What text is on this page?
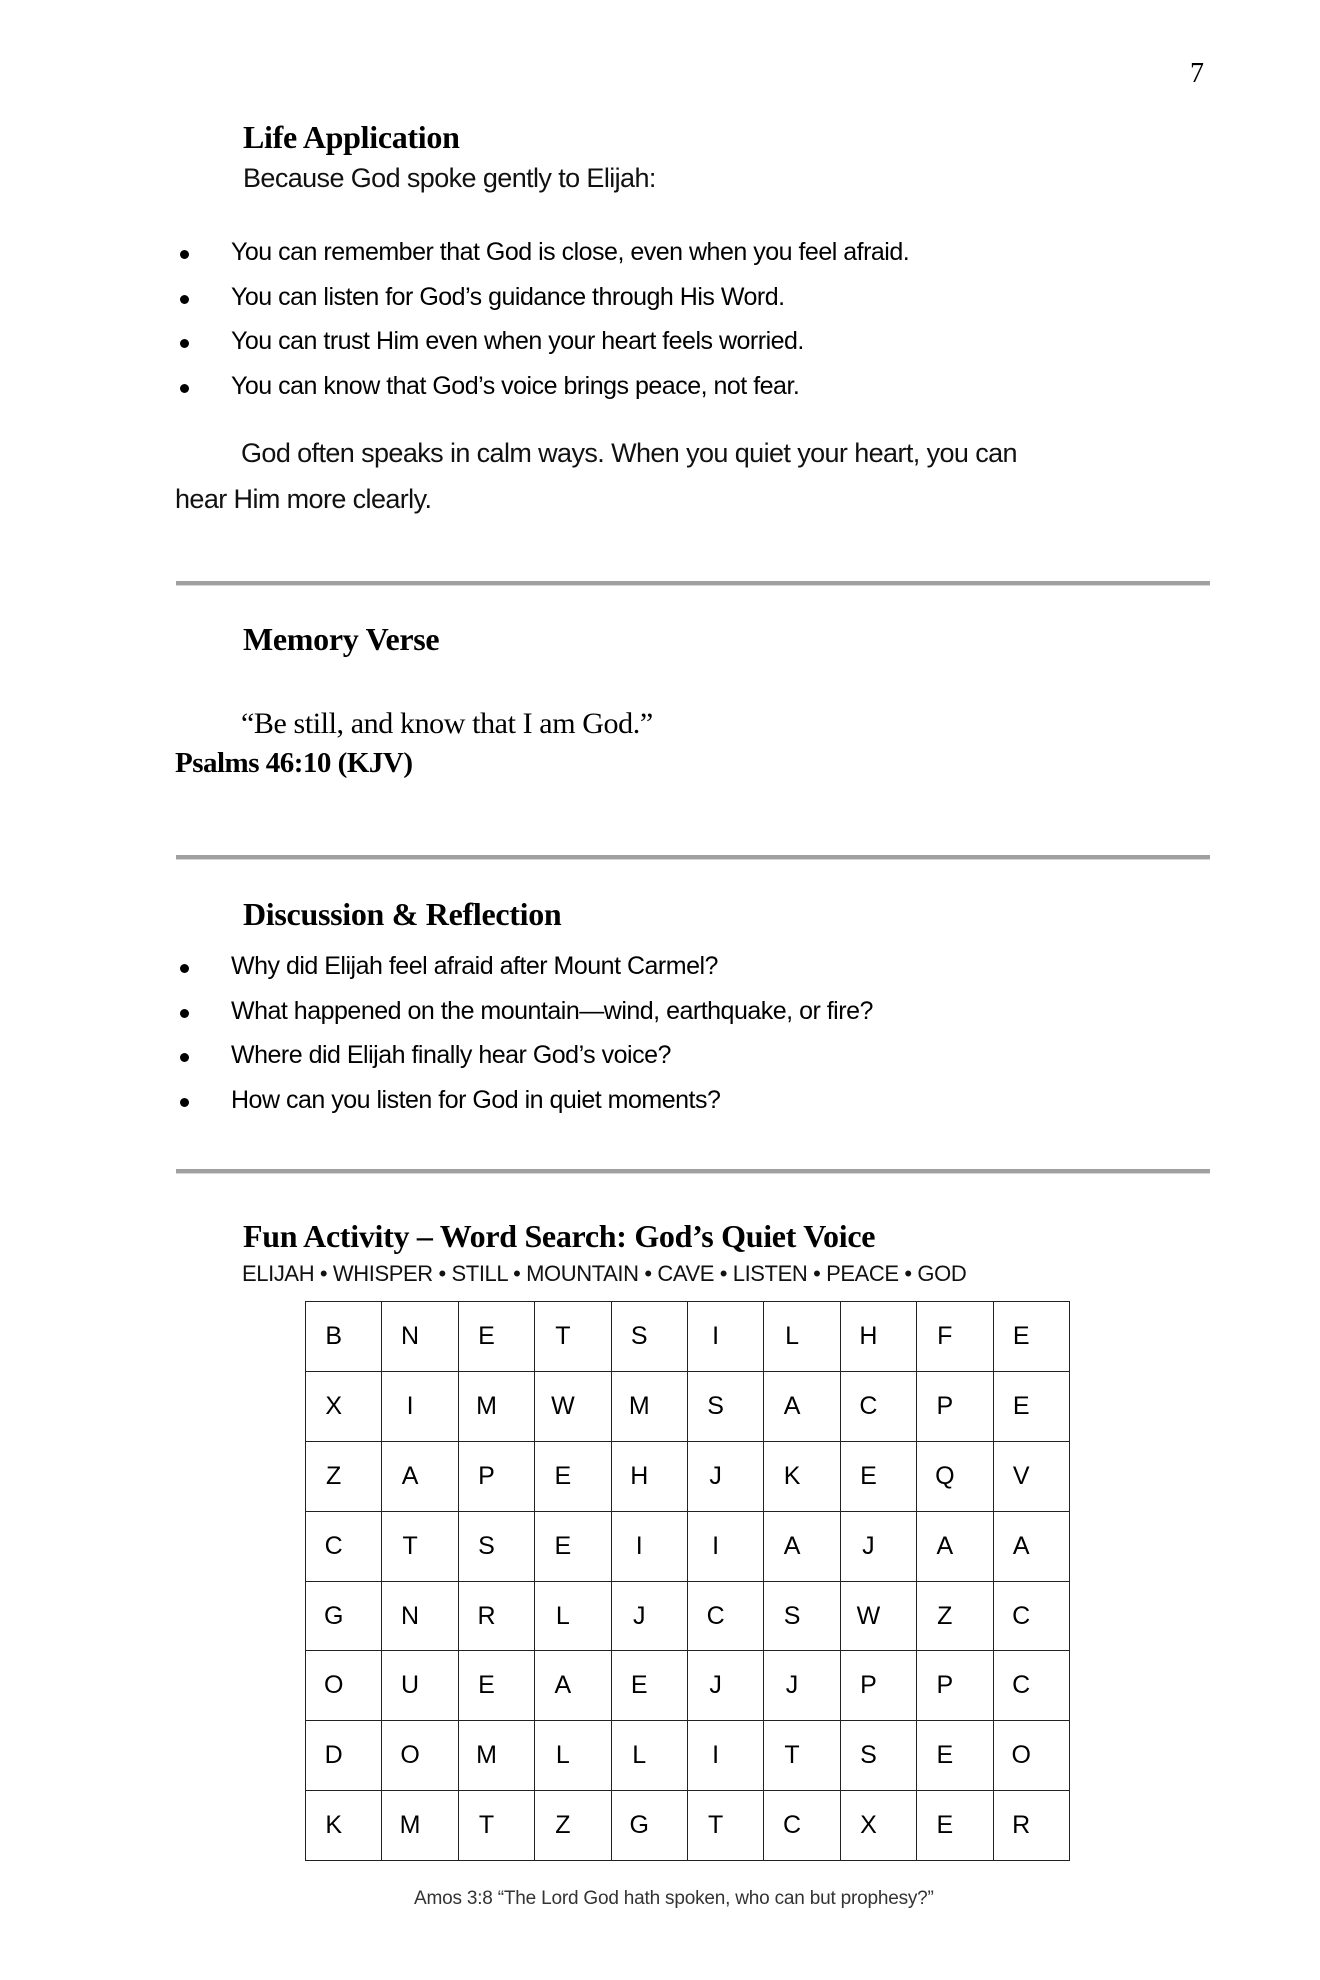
7
Life Application
Because God spoke gently to Elijah:
You can remember that God is close, even when you feel afraid.
You can listen for God’s guidance through His Word.
You can trust Him even when your heart feels worried.
You can know that God’s voice brings peace, not fear.
God often speaks in calm ways. When you quiet your heart, you can
hear Him more clearly.
Memory Verse
“Be still, and know that I am God.”
Psalms 46:10 (KJV)
Discussion & Reflection
Why did Elijah feel afraid after Mount Carmel?
What happened on the mountain—wind, earthquake, or fire?
Where did Elijah finally hear God’s voice?
How can you listen for God in quiet moments?
Fun Activity – Word Search: God’s Quiet Voice
ELIJAH • WHISPER • STILL • MOUNTAIN • CAVE • LISTEN • PEACE • GOD
B	N	E	T	S	I	L	H	F	E
X	I	M	W	M	S	A	C	P	E
Z	A	P	E	H	J	K	E	Q	V
C	T	S	E	I	I	A	J	A	A
G	N	R	L	J	C	S	W	Z	C
O	U	E	A	E	J	J	P	P	C
D	O	M	L	L	I	T	S	E	O
K	M	T	Z	G	T	C	X	E	R
Amos 3:8 “The Lord God hath spoken, who can but prophesy?”
